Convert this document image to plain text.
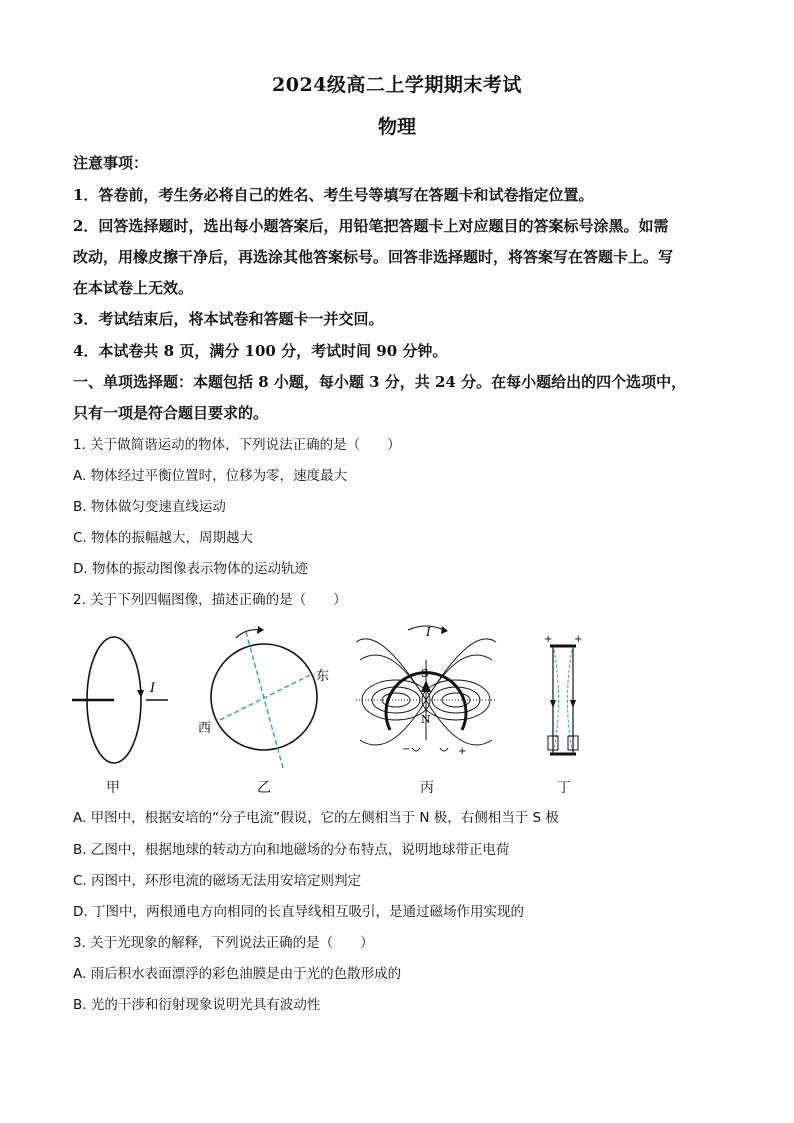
2024级高二上学期期末考试
物理
注意事项：
1．答卷前，考生务必将自己的姓名、考生号等填写在答题卡和试卷指定位置。
2．回答选择题时，选出每小题答案后，用铅笔把答题卡上对应题目的答案标号涂黑。如需
改动，用橡皮擦干净后，再选涂其他答案标号。回答非选择题时，将答案写在答题卡上。写
在本试卷上无效。
3．考试结束后，将本试卷和答题卡一并交回。
4．本试卷共 8 页，满分 100 分，考试时间 90 分钟。
一、单项选择题：本题包括 8 小题，每小题 3 分，共 24 分。在每小题给出的四个选项中，
只有一项是符合题目要求的。
1. 关于做简谐运动的物体，下列说法正确的是（　　）
A. 物体经过平衡位置时，位移为零，速度最大
B. 物体做匀变速直线运动
C. 物体的振幅越大，周期越大
D. 物体的振动图像表示物体的运动轨迹
2. 关于下列四幅图像，描述正确的是（　　）
I
东
西
I
S
N
−	+
+ +
甲	乙	丙	丁
A. 甲图中，根据安培的“分子电流”假说，它的左侧相当于 N 极，右侧相当于 S 极
B. 乙图中，根据地球的转动方向和地磁场的分布特点，说明地球带正电荷
C. 丙图中，环形电流的磁场无法用安培定则判定
D. 丁图中，两根通电方向相同的长直导线相互吸引，是通过磁场作用实现的
3. 关于光现象的解释，下列说法正确的是（　　）
A. 雨后积水表面漂浮的彩色油膜是由于光的色散形成的
B. 光的干涉和衍射现象说明光具有波动性
